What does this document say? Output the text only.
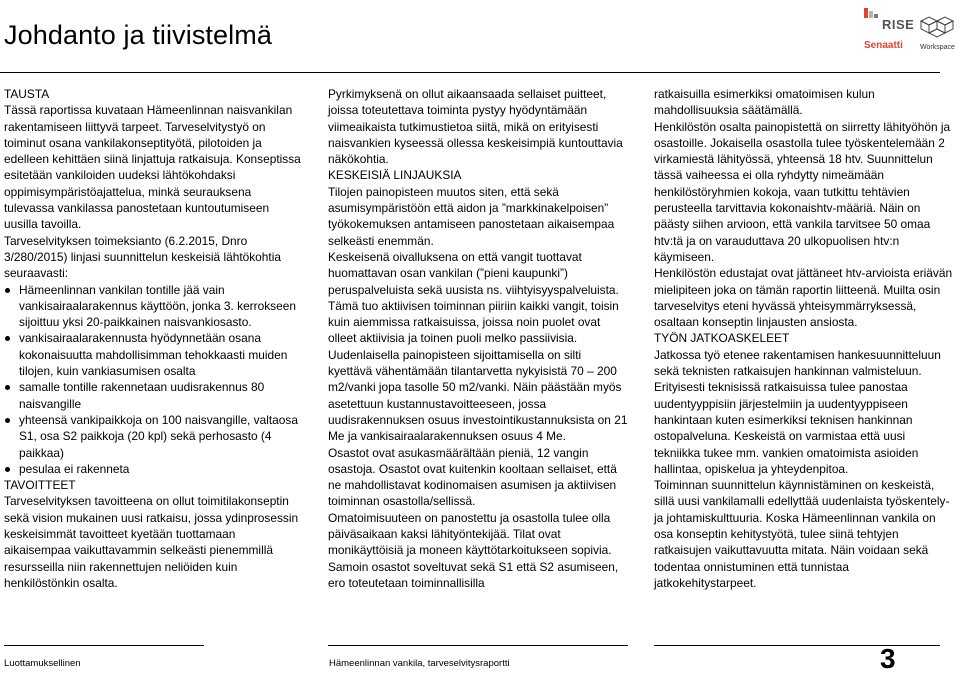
Johdanto ja tiivistelmä	RISE
Senaatti Workspace

TAUSTA

Tässä raportissa kuvataan Hämeenlinnan naisvankilan rakentamiseen liittyvä tarpeet. Tarveselvitystyö on toiminut osana vankilakonseptityötä, pilotoiden ja edelleen kehittäen siinä linjattuja ratkaisuja. Konseptissa esitetään vankiloiden uudeksi lähtökohdaksi oppimisympäristöajattelua, minkä seurauksena tulevassa vankilassa panostetaan kuntoutumiseen uusilla tavoilla.

Tarveselvityksen toimeksianto (6.2.2015, Dnro 3/280/2015) linjasi suunnittelun keskeisiä lähtökohtia seuraavasti:

Hämeenlinnan vankilan tontille jää vain vankisairaalarakennus käyttöön, jonka 3. kerrokseen sijoittuu yksi 20-paikkainen naisvankiosasto.
vankisairaalarakennusta hyödynnetään osana kokonaisuutta mahdollisimman tehokkaasti muiden tilojen, kuin vankiasumisen osalta
samalle tontille rakennetaan uudisrakennus 80 naisvangille
yhteensä vankipaikkoja on 100 naisvangille, valtaosa S1, osa S2 paikkoja (20 kpl) sekä perhosasto (4 paikkaa)
pesulaa ei rakenneta

TAVOITTEET

Tarveselvityksen tavoitteena on ollut toimitilakonseptin sekä vision mukainen uusi ratkaisu, jossa ydinprosessin keskeisimmät tavoitteet kyetään tuottamaan aikaisempaa vaikuttavammin selkeästi pienemmillä resursseilla niin rakennettujen neliöiden kuin henkilöstönkin osalta.

Pyrkimyksenä on ollut aikaansaada sellaiset puitteet, joissa toteutettava toiminta pystyy hyödyntämään viimeaikaista tutkimustietoa siitä, mikä on erityisesti naisvankien kyseessä ollessa keskeisimpiä kuntouttavia näkökohtia.

KESKEISIÄ LINJAUKSIA

Tilojen painopisteen muutos siten, että sekä asumisympäristöön että aidon ja ”markkinakelpoisen” työkokemuksen antamiseen panostetaan aikaisempaa selkeästi enemmän.

Keskeisenä oivalluksena on että vangit tuottavat huomattavan osan vankilan (”pieni kaupunki”) peruspalveluista sekä uusista ns. viihtyisyyspalveluista. Tämä tuo aktiivisen toiminnan piiriin kaikki vangit, toisin kuin aiemmissa ratkaisuissa, joissa noin puolet ovat olleet aktiivisia ja toinen puoli melko passiivisia.

Uudenlaisella painopisteen sijoittamisella on silti kyettävä vähentämään tilantarvetta nykyisistä 70 – 200 m2/vanki jopa tasolle 50 m2/vanki. Näin päästään myös asetettuun kustannustavoitteeseen, jossa uudisrakennuksen osuus investointikustannuksista on 21 Me ja vankisairaalarakennuksen osuus 4 Me.

Osastot ovat asukasmäärältään pieniä, 12 vangin osastoja. Osastot ovat kuitenkin kooltaan sellaiset, että ne mahdollistavat kodinomaisen asumisen ja aktiivisen toiminnan osastolla/sellissä.

Omatoimisuuteen on panostettu ja osastolla tulee olla päiväsaikaan kaksi lähityöntekijää. Tilat ovat monikäyttöisiä ja moneen käyttötarkoitukseen sopivia. Samoin osastot soveltuvat sekä S1 että S2 asumiseen, ero toteutetaan toiminnallisilla

ratkaisuilla esimerkiksi omatoimisen kulun mahdollisuuksia säätämällä.

Henkilöstön osalta painopistettä on siirretty lähityöhön ja osastoille. Jokaisella osastolla tulee työskentelemään 2 virkamiestä lähityössä, yhteensä 18 htv. Suunnittelun tässä vaiheessa ei olla ryhdytty nimeämään henkilöstöryhmien kokoja, vaan tutkittu tehtävien perusteella tarvittavia kokonaishtv-määriä. Näin on päästy siihen arvioon, että vankila tarvitsee 50 omaa htv:tä ja on varauduttava 20 ulkopuolisen htv:n käymiseen.

Henkilöstön edustajat ovat jättäneet htv-arvioista eriävän mielipiteen joka on tämän raportin liitteenä. Muilta osin tarveselvitys eteni hyvässä yhteisymmärryksessä, osaltaan konseptin linjausten ansiosta.

TYÖN JATKOASKELEET

Jatkossa työ etenee rakentamisen hankesuunnitteluun sekä teknisten ratkaisujen hankinnan valmisteluun.

Erityisesti teknisissä ratkaisuissa tulee panostaa uudentyyppisiin järjestelmiin ja uudentyyppiseen hankintaan kuten esimerkiksi teknisen hankinnan ostopalveluna. Keskeistä on varmistaa että uusi tekniikka tukee mm. vankien omatoimista asioiden hallintaa, opiskelua ja yhteydenpitoa.

Toiminnan suunnittelun käynnistäminen on keskeistä, sillä uusi vankilamalli edellyttää uudenlaista työskentely- ja johtamiskulttuuria. Koska Hämeenlinnan vankila on osa konseptin kehitystyötä, tulee siinä tehtyjen ratkaisujen vaikuttavuutta mitata. Näin voidaan sekä todentaa onnistuminen että tunnistaa jatkokehitystarpeet.

Luottamuksellinen	Hämeenlinnan vankila, tarveselvitysraportti	3
